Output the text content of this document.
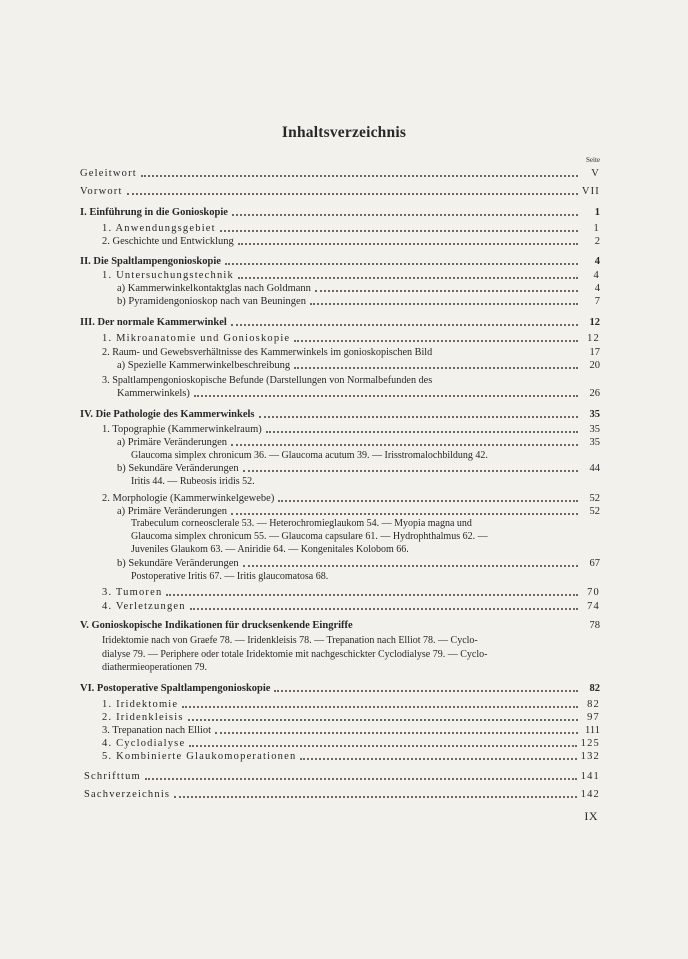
Inhaltsverzeichnis
Seite
Geleitwort	V
Vorwort	VII
I. Einführung in die Gonioskopie	1
1. Anwendungsgebiet	1
2. Geschichte und Entwicklung	2
II. Die Spaltlampengonioskopie	4
1. Untersuchungstechnik	4
a) Kammerwinkelkontaktglas nach Goldmann	4
b) Pyramidengonioskop nach van Beuningen	7
III. Der normale Kammerwinkel	12
1. Mikroanatomie und Gonioskopie	12
2. Raum- und Gewebsverhältnisse des Kammerwinkels im gonioskopischen Bild	17
a) Spezielle Kammerwinkelbeschreibung	20
3. Spaltlampengonioskopische Befunde (Darstellungen von Normalbefunden des
Kammerwinkels)	26
IV. Die Pathologie des Kammerwinkels	35
1. Topographie (Kammerwinkelraum)	35
a) Primäre Veränderungen	35
Glaucoma simplex chronicum 36. — Glaucoma acutum 39. — Irisstromalochbildung 42.
b) Sekundäre Veränderungen	44
Iritis 44. — Rubeosis iridis 52.
2. Morphologie (Kammerwinkelgewebe)	52
a) Primäre Veränderungen	52
Trabeculum corneosclerale 53. — Heterochromieglaukom 54. — Myopia magna und
Glaucoma simplex chronicum 55. — Glaucoma capsulare 61. — Hydrophthalmus 62. —
Juveniles Glaukom 63. — Aniridie 64. — Kongenitales Kolobom 66.
b) Sekundäre Veränderungen	67
Postoperative Iritis 67. — Iritis glaucomatosa 68.
3. Tumoren	70
4. Verletzungen	74
V. Gonioskopische Indikationen für drucksenkende Eingriffe	78
Iridektomie nach von Graefe 78. — Iridenkleisis 78. — Trepanation nach Elliot 78. — Cyclo-
dialyse 79. — Periphere oder totale Iridektomie mit nachgeschickter Cyclodialyse 79. — Cyclo-
diathermieoperationen 79.
VI. Postoperative Spaltlampengonioskopie	82
1. Iridektomie	82
2. Iridenkleisis	97
3. Trepanation nach Elliot	111
4. Cyclodialyse	125
5. Kombinierte Glaukomoperationen	132
Schrifttum	141
Sachverzeichnis	142
IX
